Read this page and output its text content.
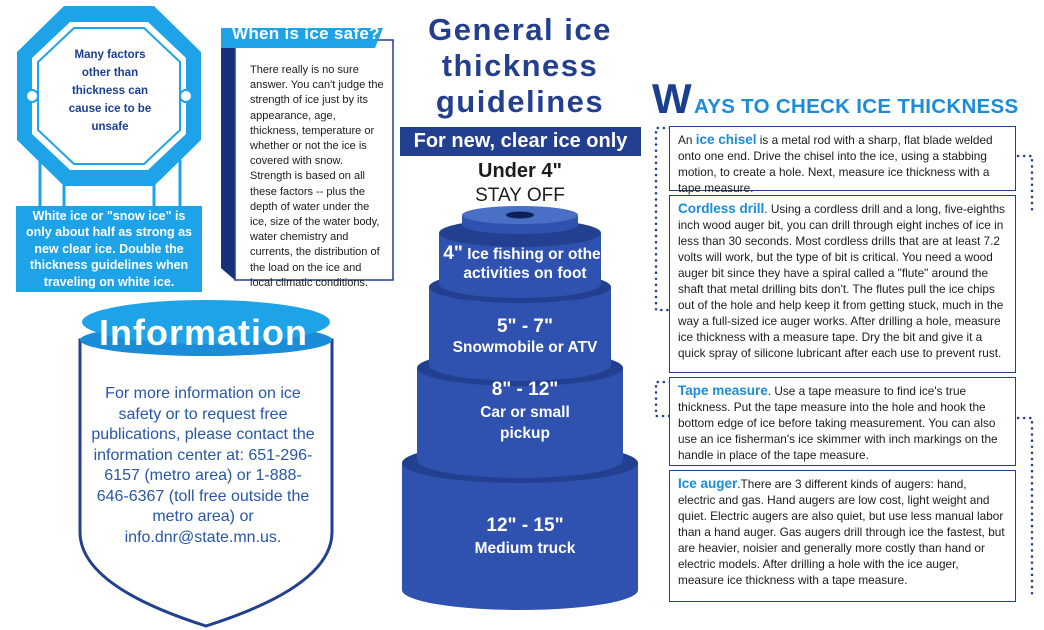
Many factors other than thickness can cause ice to be unsafe
White ice or "snow ice" is only about half as strong as new clear ice. Double the thickness guidelines when traveling on white ice.
When is ice safe?
There really is no sure answer. You can't judge the strength of ice just by its appearance, age, thickness, temperature or whether or not the ice is covered with snow. Strength is based on all these factors -- plus the depth of water under the ice, size of the water body, water chemistry and currents, the distribution of the load on the ice and local climatic conditions.
Information
For more information on ice safety or to request free publications, please contact the information center at: 651-296-6157 (metro area) or 1-888-646-6367 (toll free outside the metro area) or info.dnr@state.mn.us.
General ice thickness guidelines
For new, clear ice only
Under 4"
STAY OFF
4" Ice fishing or other activities on foot
5" - 7"
Snowmobile or ATV
8" - 12"
Car or small pickup
12" - 15"
Medium truck
W AYS TO CHECK ICE THICKNESS
An ice chisel is a metal rod with a sharp, flat blade welded onto one end. Drive the chisel into the ice, using a stabbing motion, to create a hole. Next, measure ice thickness with a tape measure.
Cordless drill. Using a cordless drill and a long, five-eighths inch wood auger bit, you can drill through eight inches of ice in less than 30 seconds. Most cordless drills that are at least 7.2 volts will work, but the type of bit is critical. You need a wood auger bit since they have a spiral called a "flute" around the shaft that metal drilling bits don't. The flutes pull the ice chips out of the hole and help keep it from getting stuck, much in the way a full-sized ice auger works. After drilling a hole, measure ice thickness with a measure tape. Dry the bit and give it a quick spray of silicone lubricant after each use to prevent rust.
Tape measure. Use a tape measure to find ice's true thickness. Put the tape measure into the hole and hook the bottom edge of ice before taking measurement. You can also use an ice fisherman's ice skimmer with inch markings on the handle in place of the tape measure.
Ice auger.There are 3 different kinds of augers: hand, electric and gas. Hand augers are low cost, light weight and quiet. Electric augers are also quiet, but use less manual labor than a hand auger. Gas augers drill through ice the fastest, but are heavier, noisier and generally more costly than hand or electric models. After drilling a hole with the ice auger, measure ice thickness with a tape measure.
